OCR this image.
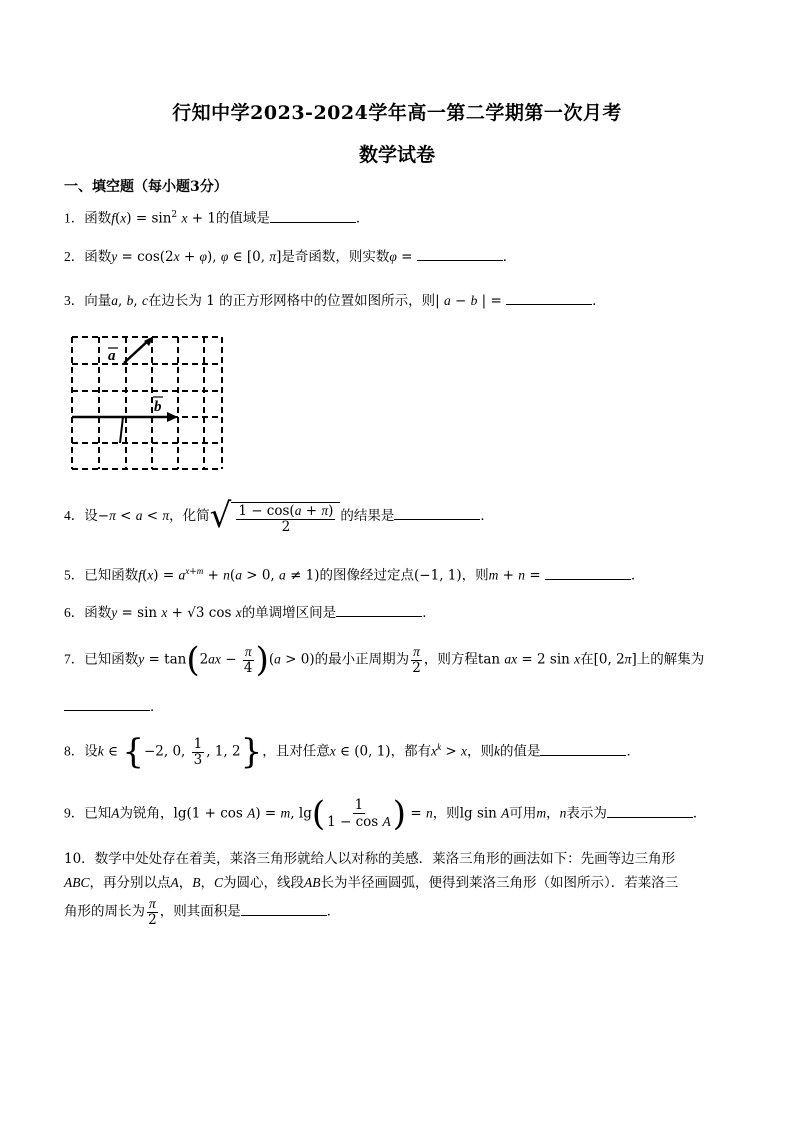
行知中学2023-2024学年高一第二学期第一次月考
数学试卷
一、填空题（每小题3分）
1．函数$f(x) = \sin^2 x + 1$的值域是	．
2．函数y = cos(2x + φ), φ ∈ [0, π]是奇函数，则实数φ =	．
3．向量a, b, c在边长为 1 的正方形网格中的位置如图所示，则| a − b | =	．
a
b
4．设−π < a < π，化简 √ $\frac{1 - \cos(a + \pi)}{2}$ 的结果是	．
5．已知函数$f(x) = a^{x+m} + n(a > 0$, a ≠ 1)的图像经过定点(−1, 1)，则m + n =	．
6．函数y = sin x + √3 cos x的单调增区间是	．
7．已知函数$y = \tan(2ax - \frac{\pi}{4} )(a > 0)$的最小正周期为 $\frac{\pi}{2}$ ，则方程tan ax = 2 sin x在[0, 2π]上的解集为
．
8．设k ∈ {−2, 0, $\frac{1}{3}$ , 1, 2}，且对任意x ∈ (0, 1)，都有$x^k > x$，则k的值是	．
9．已知A为锐角，lg(1 + cos A) = m, $\lg( \frac{1}{\text{1 − cos A}}$ ) = n，则lg sin A可用m，n表示为	．
10．数学中处处存在着美，莱洛三角形就给人以对称的美感．莱洛三角形的画法如下：先画等边三角形
ABC，再分别以点A，B，C为圆心，线段AB长为半径画圆弧，便得到莱洛三角形（如图所示）．若莱洛三
角形的周长为 $\frac{\pi}{2}$ ，则其面积是	．
